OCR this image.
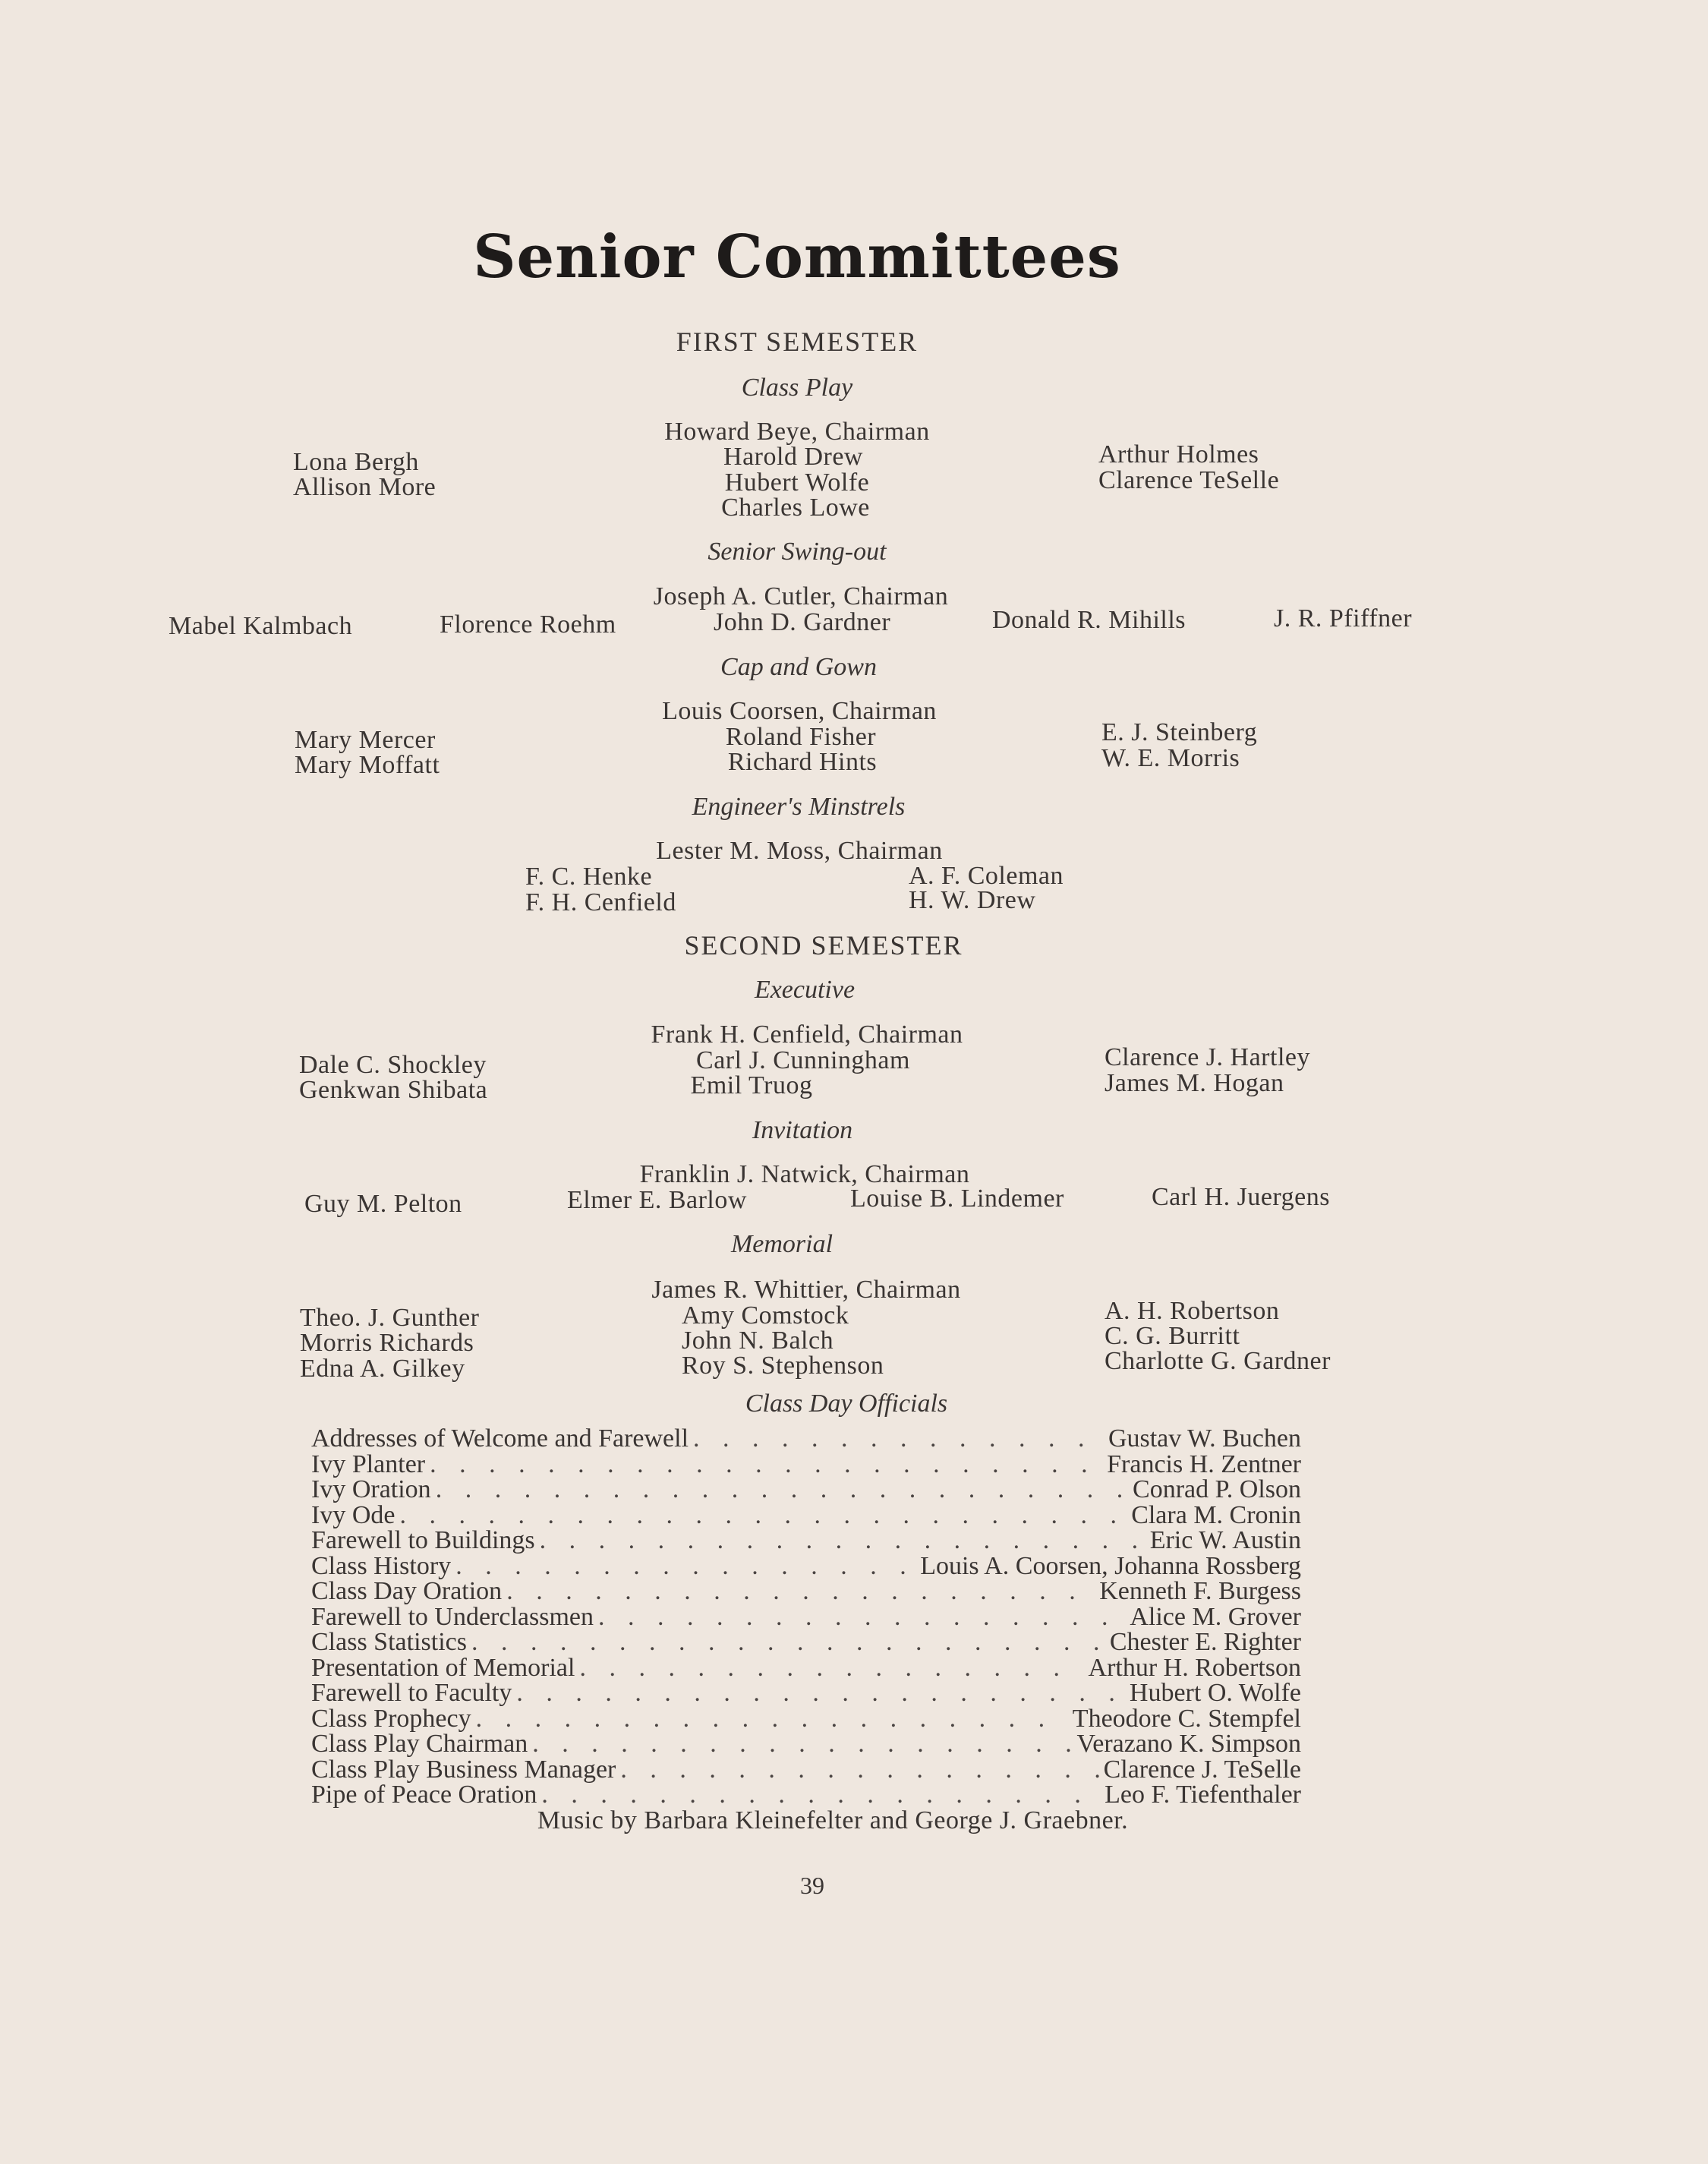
Senior Committees
FIRST SEMESTER
Class Play
Howard Beye, Chairman
Harold Drew
Hubert Wolfe
Charles Lowe
Lona Bergh
Allison More
Arthur Holmes
Clarence TeSelle
Senior Swing-out
Joseph A. Cutler, Chairman
Mabel Kalmbach	Florence Roehm	John D. Gardner	Donald R. Mihills	J. R. Pfiffner
Cap and Gown
Louis Coorsen, Chairman
Roland Fisher
Richard Hints
Mary Mercer
Mary Moffatt
E. J. Steinberg
W. E. Morris
Engineer's Minstrels
Lester M. Moss, Chairman
F. C. Henke
F. H. Cenfield
A. F. Coleman
H. W. Drew
SECOND SEMESTER
Executive
Frank H. Cenfield, Chairman
Carl J. Cunningham
Emil Truog
Dale C. Shockley
Genkwan Shibata
Clarence J. Hartley
James M. Hogan
Invitation
Franklin J. Natwick, Chairman
Guy M. Pelton	Elmer E. Barlow	Louise B. Lindemer	Carl H. Juergens
Memorial
James R. Whittier, Chairman
Amy Comstock
John N. Balch
Roy S. Stephenson
Theo. J. Gunther
Morris Richards
Edna A. Gilkey
A. H. Robertson
C. G. Burritt
Charlotte G. Gardner
Class Day Officials
Addresses of Welcome and Farewell . . .	Gustav W. Buchen
Ivy Planter . . .	Francis H. Zentner
Ivy Oration . . .	Conrad P. Olson
Ivy Ode . . .	Clara M. Cronin
Farewell to Buildings . . .	Eric W. Austin
Class History . . .	Louis A. Coorsen, Johanna Rossberg
Class Day Oration . . .	Kenneth F. Burgess
Farewell to Underclassmen . . .	Alice M. Grover
Class Statistics . . .	Chester E. Righter
Presentation of Memorial . . .	Arthur H. Robertson
Farewell to Faculty . . .	Hubert O. Wolfe
Class Prophecy . . .	Theodore C. Stempfel
Class Play Chairman . . .	Verazano K. Simpson
Class Play Business Manager . . .	Clarence J. TeSelle
Pipe of Peace Oration . . .	Leo F. Tiefenthaler
Music by Barbara Kleinefelter and George J. Graebner.
39
